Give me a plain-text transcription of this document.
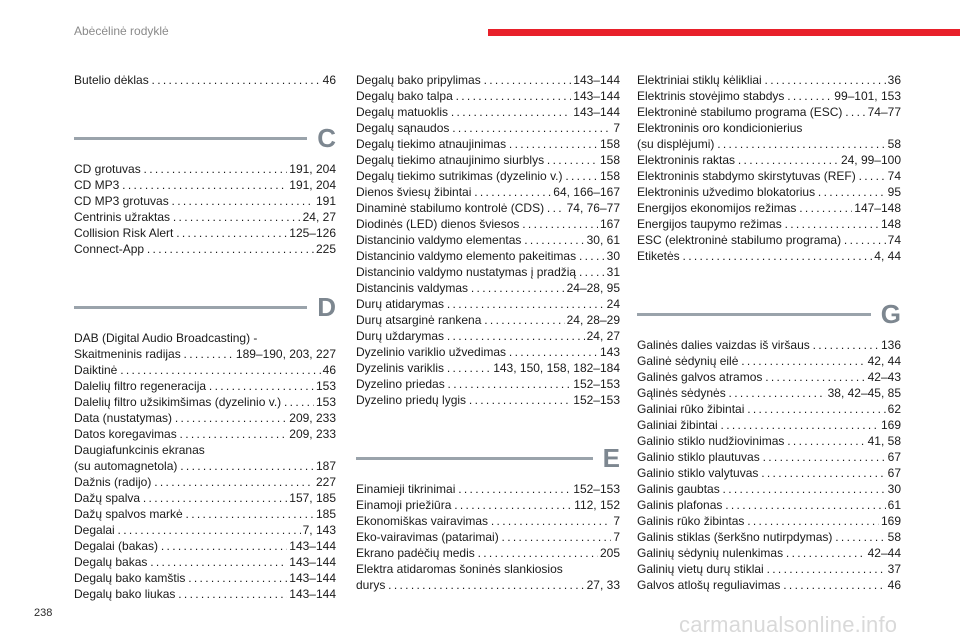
Abėcėlinė rodyklė
Butelio dėklas . . .	46
C
CD grotuvas . . .	191, 204
CD MP3 . . .	191, 204
CD MP3 grotuvas . . .	191
Centrinis užraktas . . .	24, 27
Collision Risk Alert . . .	125–126
Connect-App . . .	225
D
DAB (Digital Audio Broadcasting) -
Skaitmeninis radijas . . .	189–190, 203, 227
Daiktinė . . .	46
Dalelių filtro regeneracija . . .	153
Dalelių filtro užsikimšimas (dyzelinio v.) . . .	153
Data (nustatymas) . . .	209, 233
Datos koregavimas . . .	209, 233
Daugiafunkcinis ekranas
(su automagnetola) . . .	187
Dažnis (radijo) . . .	227
Dažų spalva . . .	157, 185
Dažų spalvos markė . . .	185
Degalai . . .	7, 143
Degalai (bakas) . . .	143–144
Degalų bakas . . .	143–144
Degalų bako kamštis . . .	143–144
Degalų bako liukas . . .	143–144
Degalų bako pripylimas . . .	143–144
Degalų bako talpa . . .	143–144
Degalų matuoklis . . .	143–144
Degalų sąnaudos . . .	7
Degalų tiekimo atnaujinimas . . .	158
Degalų tiekimo atnaujinimo siurblys . . .	158
Degalų tiekimo sutrikimas (dyzelinio v.) . . .	158
Dienos šviesų žibintai . . .	64, 166–167
Dinaminė stabilumo kontrolė (CDS) . . .	74, 76–77
Diodinės (LED) dienos šviesos . . .	167
Distancinio valdymo elementas . . .	30, 61
Distancinio valdymo elemento pakeitimas . . .	30
Distancinio valdymo nustatymas į pradžią . . .	31
Distancinis valdymas . . .	24–28, 95
Durų atidarymas . . .	24
Durų atsarginė rankena . . .	24, 28–29
Durų uždarymas . . .	24, 27
Dyzelinio variklio užvedimas . . .	143
Dyzelinis variklis . . .	143, 150, 158, 182–184
Dyzelino priedas . . .	152–153
Dyzelino priedų lygis . . .	152–153
E
Einamieji tikrinimai . . .	152–153
Einamoji priežiūra . . .	112, 152
Ekonomiškas vairavimas . . .	7
Eko-vairavimas (patarimai) . . .	7
Ekrano padėčių medis . . .	205
Elektra atidaromas šoninės slankiosios
durys . . .	27, 33
Elektriniai stiklų kėlikliai . . .	36
Elektrinis stovėjimo stabdys . . .	99–101, 153
Elektroninė stabilumo programa (ESC) . . .	74–77
Elektroninis oro kondicionierius
(su displėjumi) . . .	58
Elektroninis raktas . . .	24, 99–100
Elektroninis stabdymo skirstytuvas (REF) . . .	74
Elektroninis užvedimo blokatorius . . .	95
Energijos ekonomijos režimas . . .	147–148
Energijos taupymo režimas . . .	148
ESC (elektroninė stabilumo programa) . . .	74
Etiketės . . .	4, 44
G
Galinės dalies vaizdas iš viršaus . . .	136
Galinė sėdynių eilė . . .	42, 44
Galinės galvos atramos . . .	42–43
Gąlinės sėdynės . . .	38, 42–45, 85
Galiniai rūko žibintai . . .	62
Galiniai žibintai . . .	169
Galinio stiklo nudžiovinimas . . .	41, 58
Galinio stiklo plautuvas . . .	67
Galinio stiklo valytuvas . . .	67
Galinis gaubtas . . .	30
Galinis plafonas . . .	61
Galinis rūko žibintas . . .	169
Galinis stiklas (šerkšno nutirpdymas) . . .	58
Galinių sėdynių nulenkimas . . .	42–44
Galinių vietų durų stiklai . . .	37
Galvos atlošų reguliavimas . . .	46
238	carmanualsonline.info
